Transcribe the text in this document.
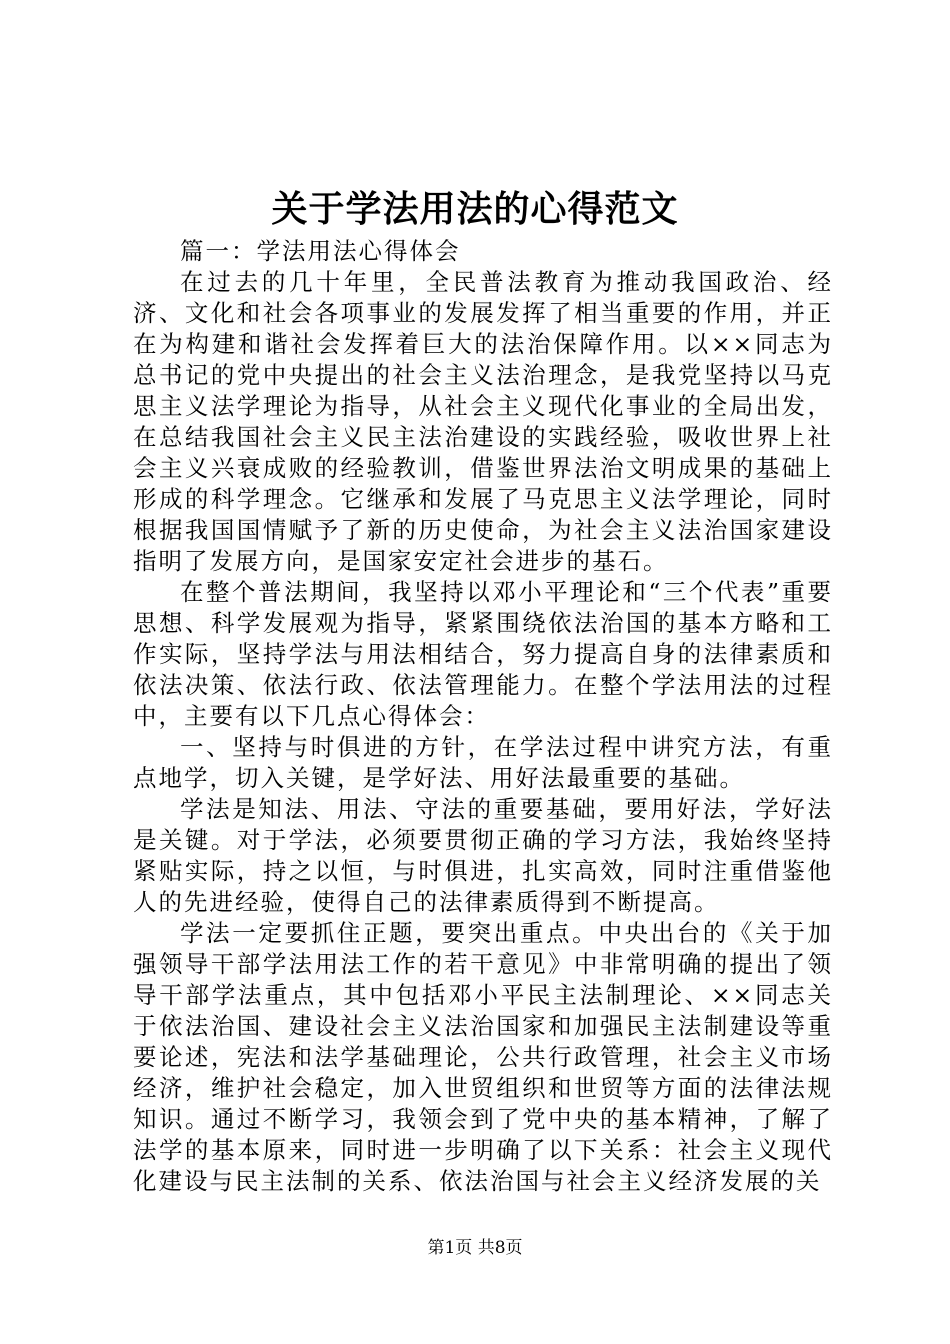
关于学法用法的心得范文

篇一：学法用法心得体会

在过去的几十年里，全民普法教育为推动我国政治、经济、文化和社会各项事业的发展发挥了相当重要的作用，并正在为构建和谐社会发挥着巨大的法治保障作用。以××同志为总书记的党中央提出的社会主义法治理念，是我党坚持以马克思主义法学理论为指导，从社会主义现代化事业的全局出发，在总结我国社会主义民主法治建设的实践经验，吸收世界上社会主义兴衰成败的经验教训，借鉴世界法治文明成果的基础上形成的科学理念。它继承和发展了马克思主义法学理论，同时根据我国国情赋予了新的历史使命，为社会主义法治国家建设指明了发展方向，是国家安定社会进步的基石。

在整个普法期间，我坚持以邓小平理论和“三个代表”重要思想、科学发展观为指导，紧紧围绕依法治国的基本方略和工作实际，坚持学法与用法相结合，努力提高自身的法律素质和依法决策、依法行政、依法管理能力。在整个学法用法的过程中，主要有以下几点心得体会：

一、坚持与时俱进的方针，在学法过程中讲究方法，有重点地学，切入关键，是学好法、用好法最重要的基础。

学法是知法、用法、守法的重要基础，要用好法，学好法是关键。对于学法，必须要贯彻正确的学习方法，我始终坚持紧贴实际，持之以恒，与时俱进，扎实高效，同时注重借鉴他人的先进经验，使得自己的法律素质得到不断提高。

学法一定要抓住正题，要突出重点。中央出台的《关于加强领导干部学法用法工作的若干意见》中非常明确的提出了领导干部学法重点，其中包括邓小平民主法制理论、××同志关于依法治国、建设社会主义法治国家和加强民主法制建设等重要论述，宪法和法学基础理论，公共行政管理，社会主义市场经济，维护社会稳定，加入世贸组织和世贸等方面的法律法规知识。通过不断学习，我领会到了党中央的基本精神，了解了法学的基本原来，同时进一步明确了以下关系：社会主义现代化建设与民主法制的关系、依法治国与社会主义经济发展的关

第1页 共8页
